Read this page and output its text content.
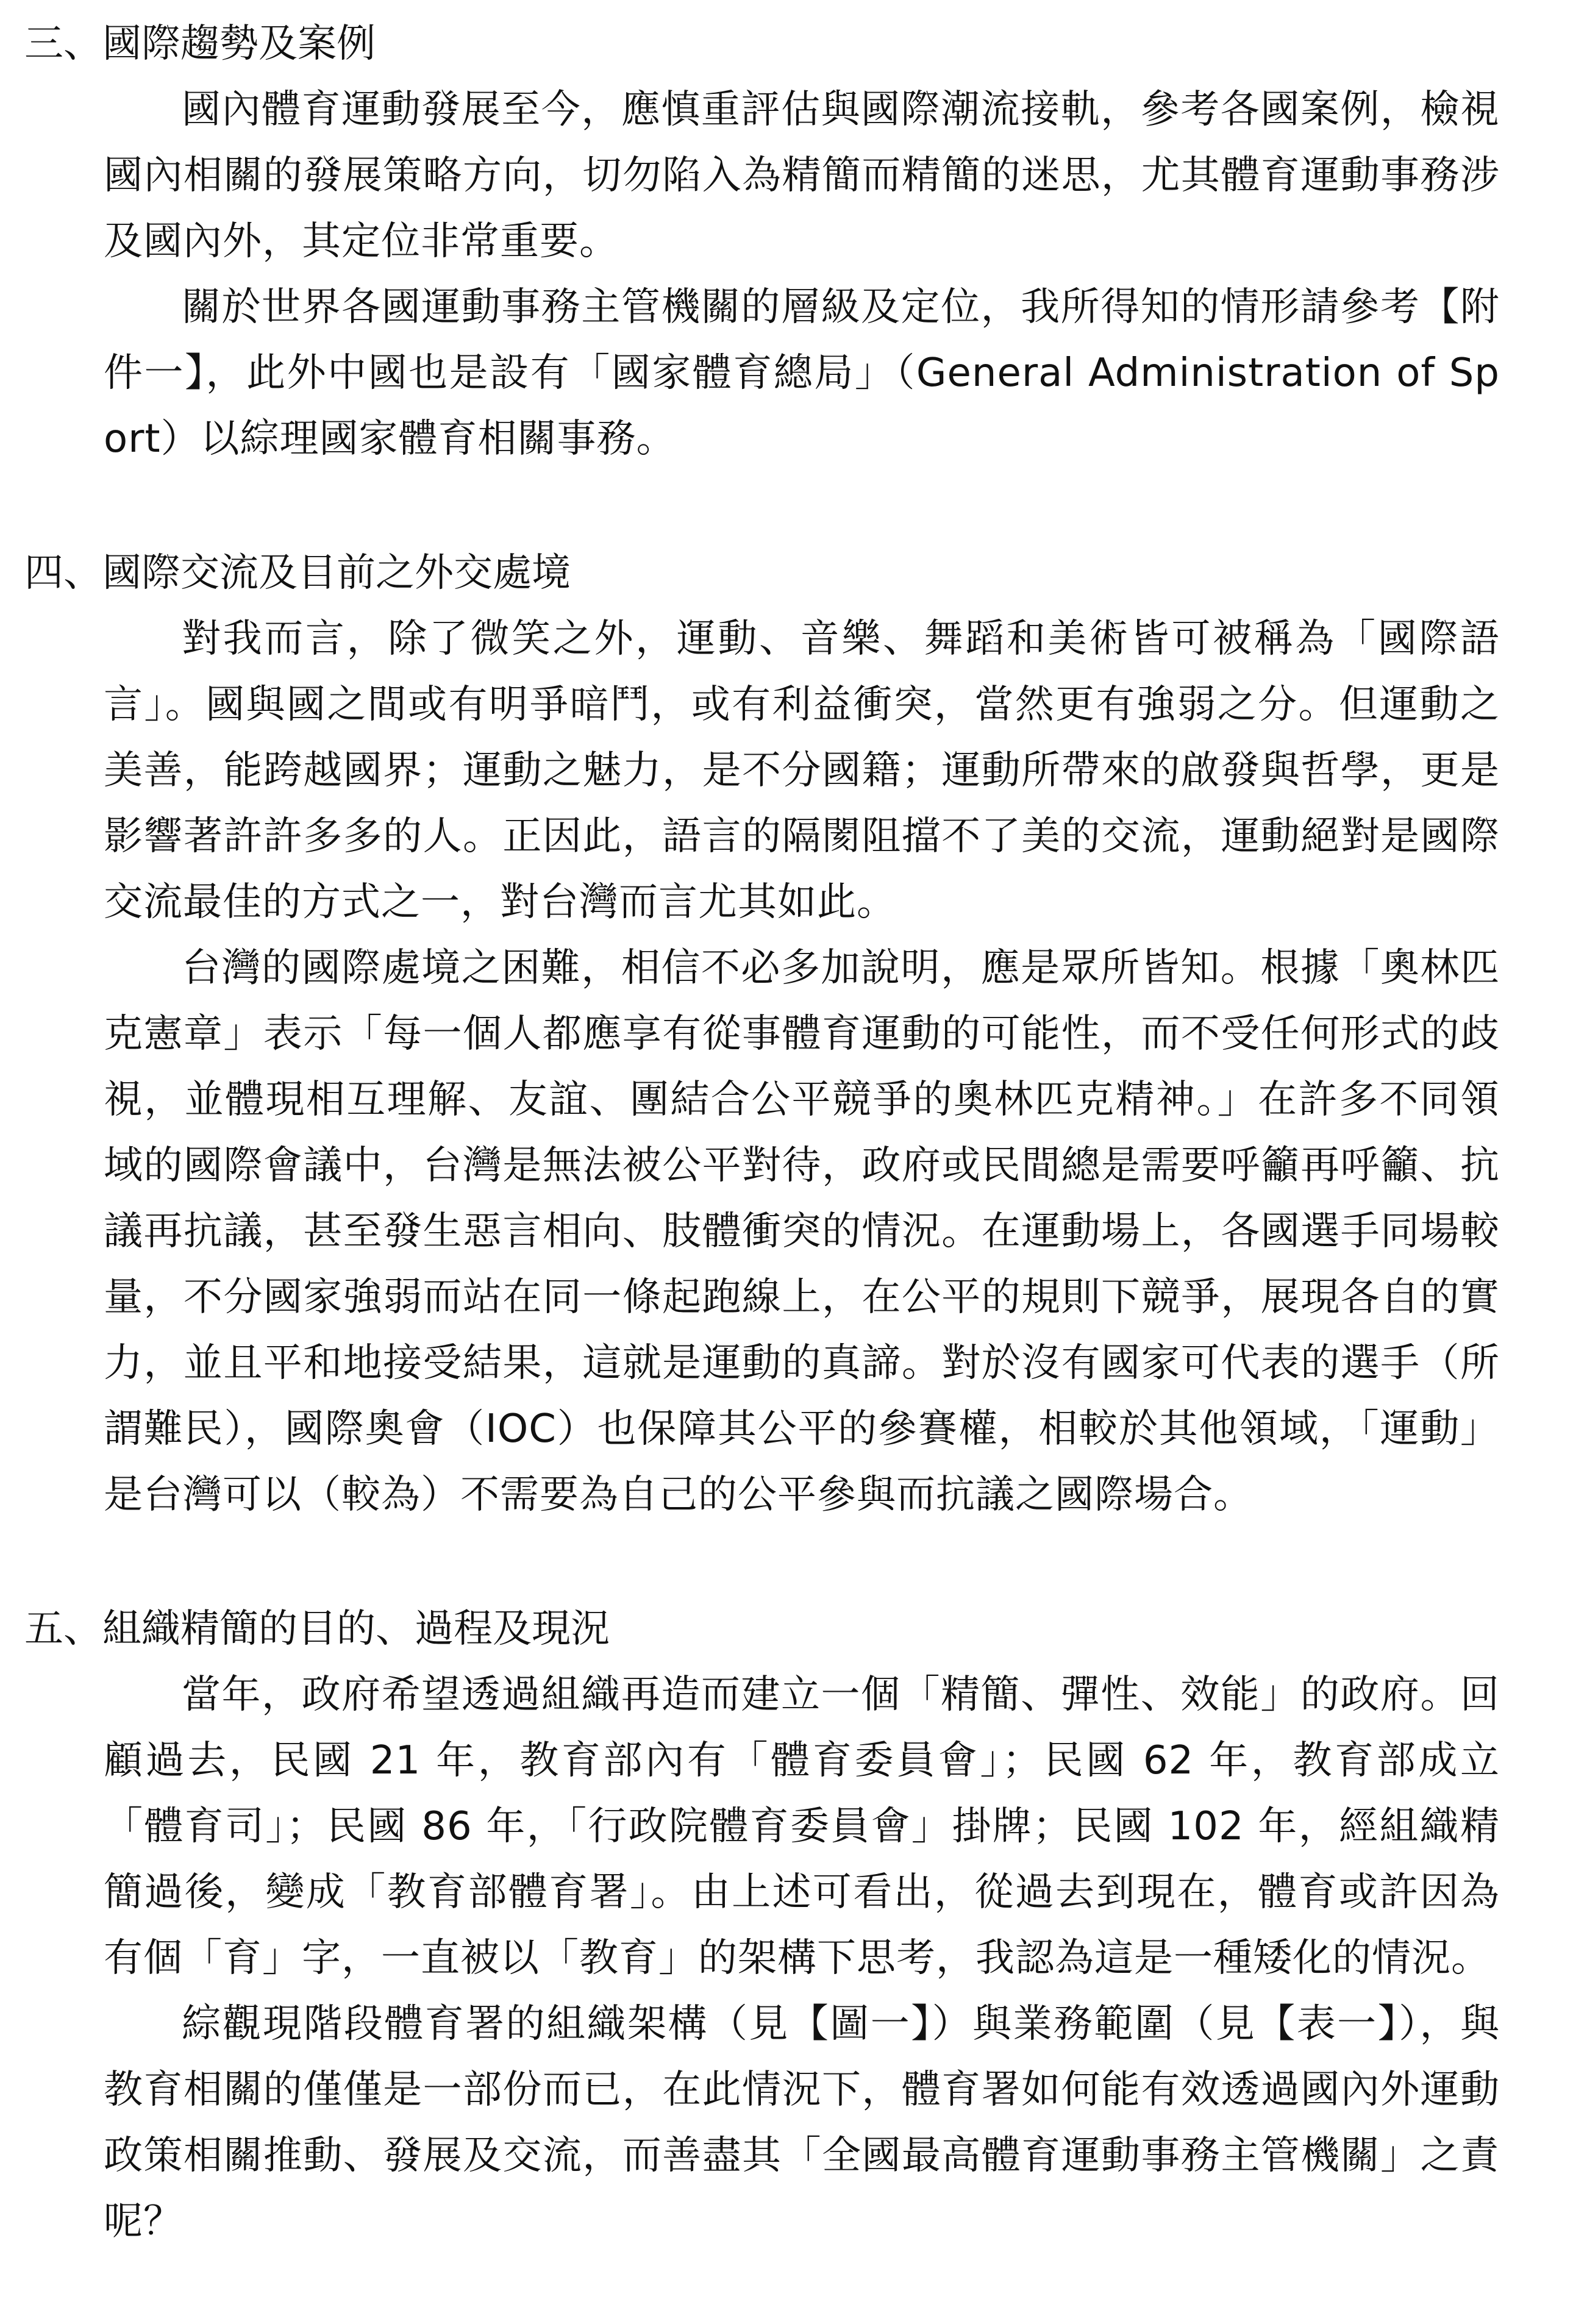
三、國際趨勢及案例

國內體育運動發展至今，應慎重評估與國際潮流接軌，參考各國案例，檢視國內相關的發展策略方向，切勿陷入為精簡而精簡的迷思，尤其體育運動事務涉及國內外，其定位非常重要。

關於世界各國運動事務主管機關的層級及定位，我所得知的情形請參考【附件一】，此外中國也是設有「國家體育總局」（General Administration of Sport）以綜理國家體育相關事務。

四、國際交流及目前之外交處境

對我而言，除了微笑之外，運動、音樂、舞蹈和美術皆可被稱為「國際語言」。國與國之間或有明爭暗鬥，或有利益衝突，當然更有強弱之分。但運動之美善，能跨越國界；運動之魅力，是不分國籍；運動所帶來的啟發與哲學，更是影響著許許多多的人。正因此，語言的隔閡阻擋不了美的交流，運動絕對是國際交流最佳的方式之一，對台灣而言尤其如此。

台灣的國際處境之困難，相信不必多加說明，應是眾所皆知。根據「奧林匹克憲章」表示「每一個人都應享有從事體育運動的可能性，而不受任何形式的歧視，並體現相互理解、友誼、團結合公平競爭的奧林匹克精神。」在許多不同領域的國際會議中，台灣是無法被公平對待，政府或民間總是需要呼籲再呼籲、抗議再抗議，甚至發生惡言相向、肢體衝突的情況。在運動場上，各國選手同場較量，不分國家強弱而站在同一條起跑線上，在公平的規則下競爭，展現各自的實力，並且平和地接受結果，這就是運動的真諦。對於沒有國家可代表的選手（所謂難民），國際奧會（IOC）也保障其公平的參賽權，相較於其他領域，「運動」是台灣可以（較為）不需要為自己的公平參與而抗議之國際場合。

五、組織精簡的目的、過程及現況

當年，政府希望透過組織再造而建立一個「精簡、彈性、效能」的政府。回顧過去，民國 21 年，教育部內有「體育委員會」；民國 62 年，教育部成立「體育司」；民國 86 年，「行政院體育委員會」掛牌；民國 102 年，經組織精簡過後，變成「教育部體育署」。由上述可看出，從過去到現在，體育或許因為有個「育」字，一直被以「教育」的架構下思考，我認為這是一種矮化的情況。

綜觀現階段體育署的組織架構（見【圖一】）與業務範圍（見【表一】），與教育相關的僅僅是一部份而已，在此情況下，體育署如何能有效透過國內外運動政策相關推動、發展及交流，而善盡其「全國最高體育運動事務主管機關」之責呢？
